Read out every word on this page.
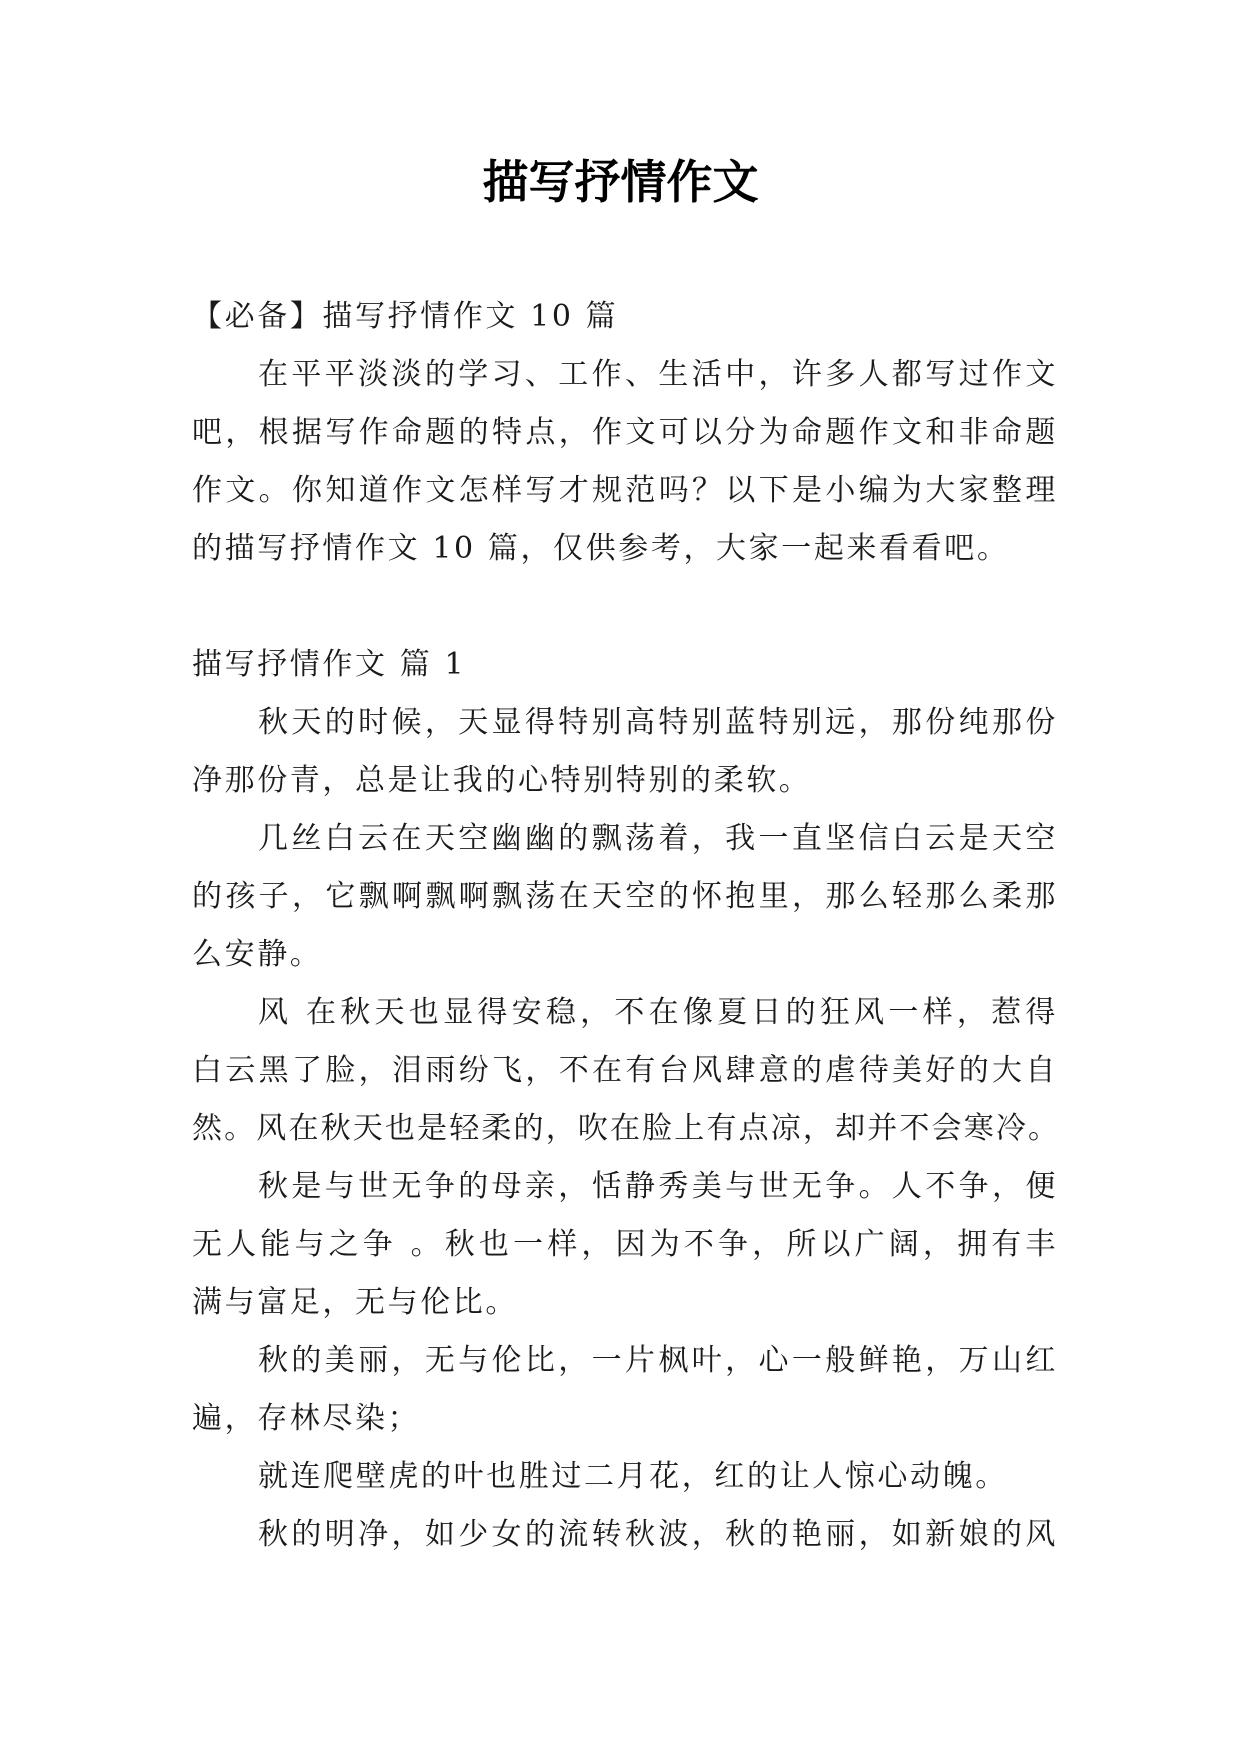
描写抒情作文
【必备】描写抒情作文 10 篇
在平平淡淡的学习、工作、生活中，许多人都写过作文
吧，根据写作命题的特点，作文可以分为命题作文和非命题
作文。你知道作文怎样写才规范吗？以下是小编为大家整理
的描写抒情作文 10 篇，仅供参考，大家一起来看看吧。
描写抒情作文 篇 1
秋天的时候，天显得特别高特别蓝特别远，那份纯那份
净那份青，总是让我的心特别特别的柔软。
几丝白云在天空幽幽的飘荡着，我一直坚信白云是天空
的孩子，它飘啊飘啊飘荡在天空的怀抱里，那么轻那么柔那
么安静。
风 在秋天也显得安稳，不在像夏日的狂风一样，惹得
白云黑了脸，泪雨纷飞，不在有台风肆意的虐待美好的大自
然。风在秋天也是轻柔的，吹在脸上有点凉，却并不会寒冷。
秋是与世无争的母亲，恬静秀美与世无争。人不争，便
无人能与之争 。秋也一样，因为不争，所以广阔，拥有丰
满与富足，无与伦比。
秋的美丽，无与伦比，一片枫叶，心一般鲜艳，万山红
遍，存林尽染；
就连爬壁虎的叶也胜过二月花，红的让人惊心动魄。
秋的明净，如少女的流转秋波，秋的艳丽，如新娘的风
